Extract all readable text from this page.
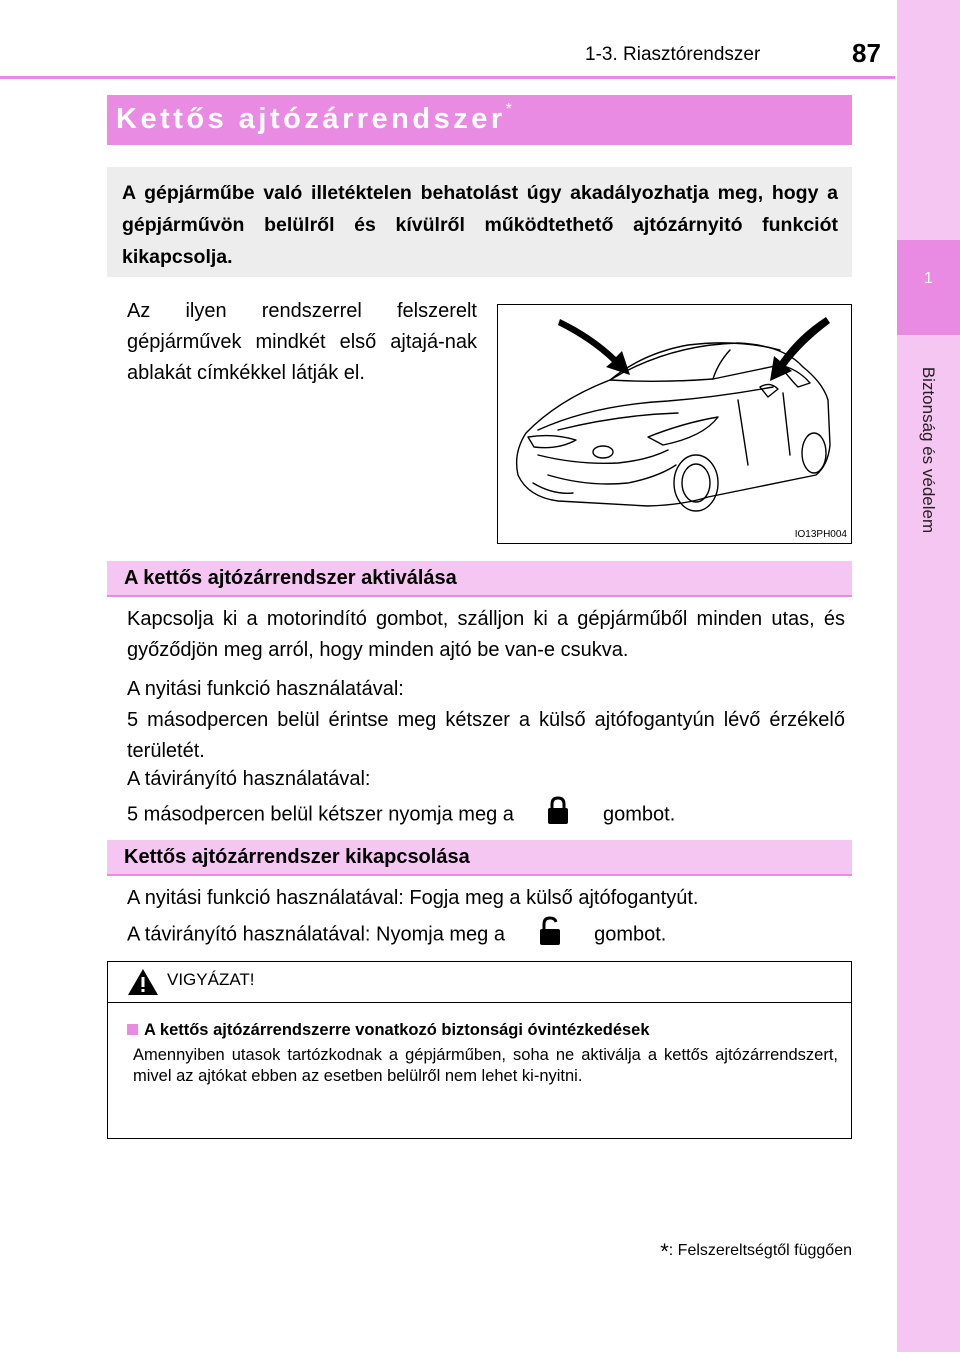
1-3. Riasztórendszer	87
1
Biztonság és védelem
Kettős ajtózárrendszer*
A gépjárműbe való illetéktelen behatolást úgy akadályozhatja meg, hogy a gépjárművön belülről és kívülről működtethető ajtózárnyitó funkciót kikapcsolja.
Az ilyen rendszerrel felszerelt gépjárművek mindkét első ajtajá-nak ablakát címkékkel látják el.
IO13PH004
A kettős ajtózárrendszer aktiválása
Kapcsolja ki a motorindító gombot, szálljon ki a gépjárműből minden utas, és győződjön meg arról, hogy minden ajtó be van-e csukva.
A nyitási funkció használatával:
5 másodpercen belül érintse meg kétszer a külső ajtófogantyún lévő érzékelő területét.
A távirányító használatával:
5 másodpercen belül kétszer nyomja meg a	gombot.
Kettős ajtózárrendszer kikapcsolása
A nyitási funkció használatával: Fogja meg a külső ajtófogantyút.
A távirányító használatával: Nyomja meg a	gombot.
VIGYÁZAT!
A kettős ajtózárrendszerre vonatkozó biztonsági óvintézkedések
Amennyiben utasok tartózkodnak a gépjárműben, soha ne aktiválja a kettős ajtózárrendszert, mivel az ajtókat ebben az esetben belülről nem lehet ki-nyitni.
*: Felszereltségtől függően
